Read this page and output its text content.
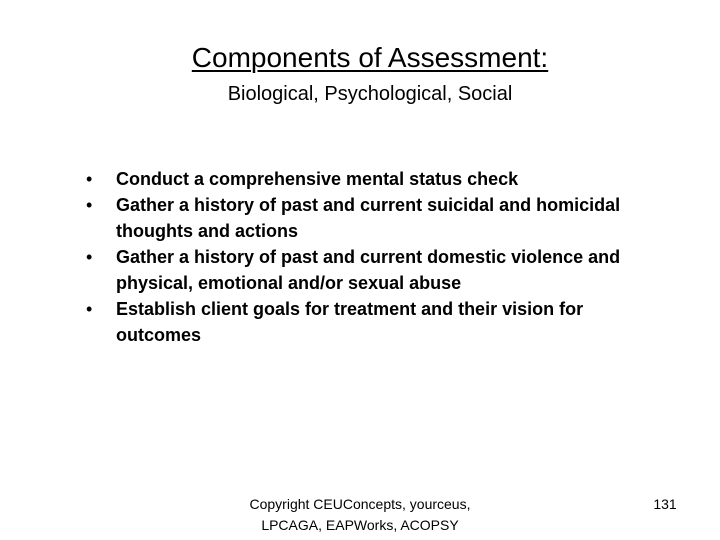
Components of Assessment:
Biological, Psychological, Social
•	Conduct a comprehensive mental status check
•	Gather a history of past and current suicidal and homicidal thoughts and actions
•	Gather a history of past and current domestic violence and physical, emotional and/or sexual abuse
•	Establish client goals for treatment and their vision for outcomes
Copyright CEUConcepts, yourceus, LPCAGA, EAPWorks, ACOPSY
131
